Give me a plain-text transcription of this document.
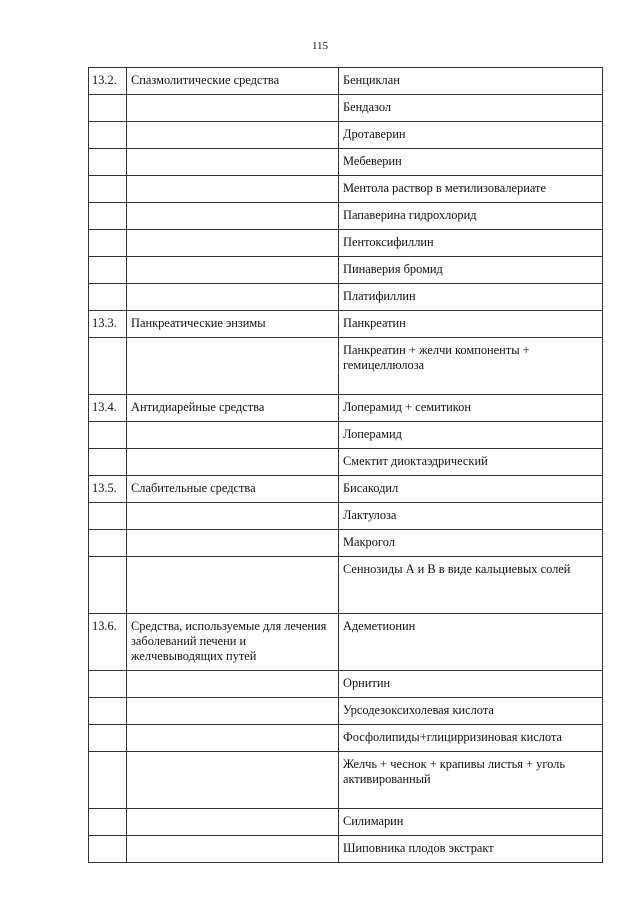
115
13.2.	Спазмолитические средства	Бенциклан
		Бендазол
		Дротаверин
		Мебеверин
		Ментола раствор в метилизовалериате
		Папаверина гидрохлорид
		Пентоксифиллин
		Пинаверия бромид
		Платифиллин
13.3.	Панкреатические энзимы	Панкреатин
		Панкреатин + желчи компоненты + гемицеллюлоза
13.4.	Антидиарейные средства	Лоперамид + семитикон
		Лоперамид
		Смектит диоктаэдрический
13.5.	Слабительные средства	Бисакодил
		Лактулоза
		Макрогол
		Сеннозиды А и В в виде кальциевых солей
13.6.	Средства, используемые для лечения заболеваний печени и желчевыводящих путей	Адеметионин
		Орнитин
		Урсодезоксихолевая кислота
		Фосфолипиды+глицирризиновая кислота
		Желчь + чеснок + крапивы листья + уголь активированный
		Силимарин
		Шиповника плодов экстракт
